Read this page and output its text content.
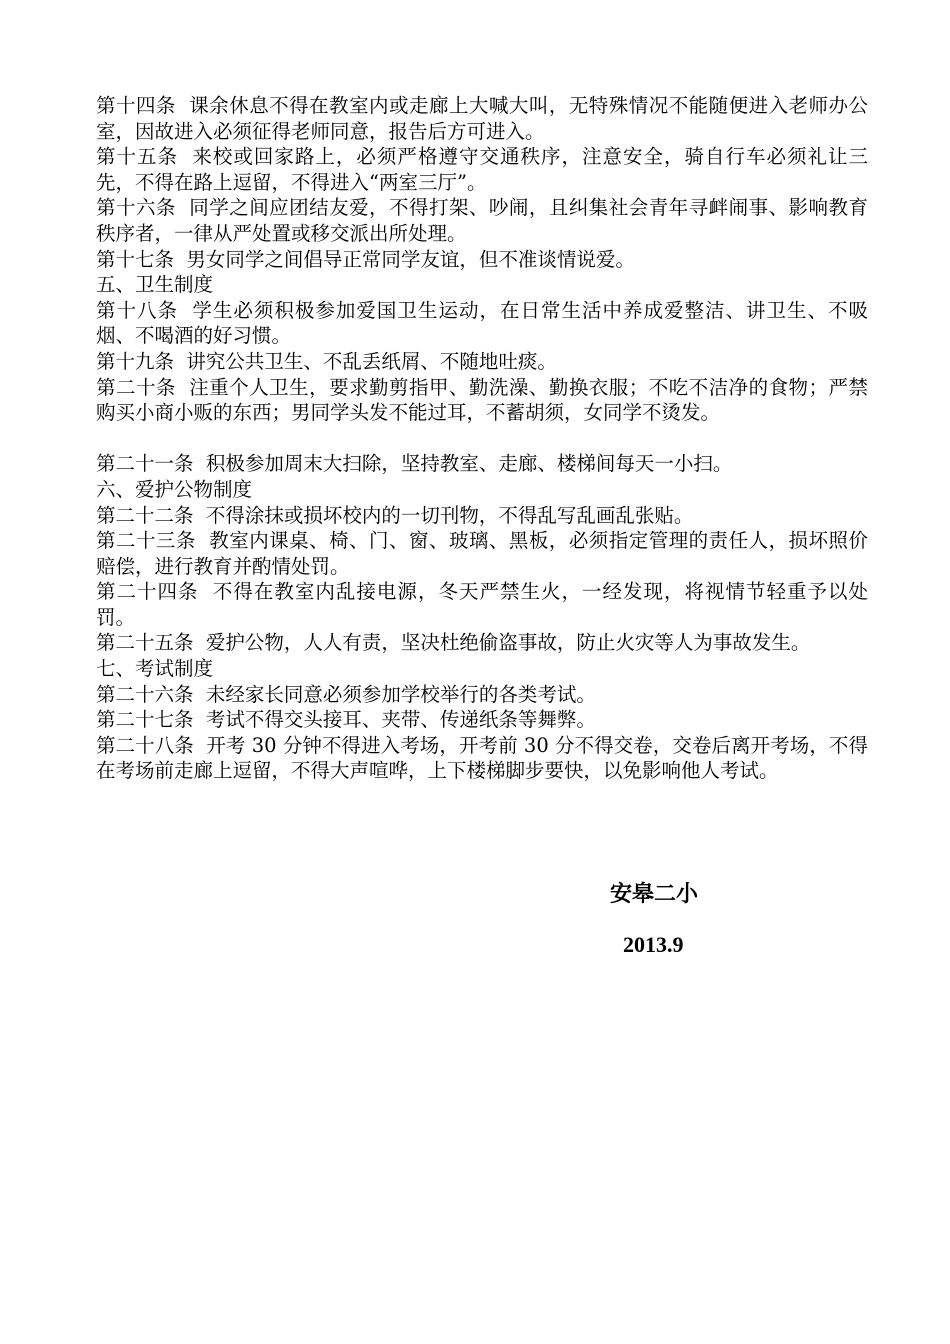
第十四条  课余休息不得在教室内或走廊上大喊大叫，无特殊情况不能随便进入老师办公室，因故进入必须征得老师同意，报告后方可进入。

第十五条  来校或回家路上，必须严格遵守交通秩序，注意安全，骑自行车必须礼让三先，不得在路上逗留，不得进入“两室三厅”。

第十六条  同学之间应团结友爱，不得打架、吵闹，且纠集社会青年寻衅闹事、影响教育秩序者，一律从严处置或移交派出所处理。

第十七条  男女同学之间倡导正常同学友谊，但不准谈情说爱。

五、卫生制度

第十八条  学生必须积极参加爱国卫生运动，在日常生活中养成爱整洁、讲卫生、不吸烟、不喝酒的好习惯。

第十九条  讲究公共卫生、不乱丢纸屑、不随地吐痰。

第二十条  注重个人卫生，要求勤剪指甲、勤洗澡、勤换衣服；不吃不洁净的食物；严禁购买小商小贩的东西；男同学头发不能过耳，不蓄胡须，女同学不烫发。

第二十一条  积极参加周末大扫除，坚持教室、走廊、楼梯间每天一小扫。

六、爱护公物制度

第二十二条  不得涂抹或损坏校内的一切刊物，不得乱写乱画乱张贴。

第二十三条  教室内课桌、椅、门、窗、玻璃、黑板，必须指定管理的责任人，损坏照价赔偿，进行教育并酌情处罚。

第二十四条  不得在教室内乱接电源，冬天严禁生火，一经发现，将视情节轻重予以处罚。

第二十五条  爱护公物，人人有责，坚决杜绝偷盗事故，防止火灾等人为事故发生。

七、考试制度

第二十六条  未经家长同意必须参加学校举行的各类考试。

第二十七条  考试不得交头接耳、夹带、传递纸条等舞弊。

第二十八条  开考 30 分钟不得进入考场，开考前 30 分不得交卷，交卷后离开考场，不得在考场前走廊上逗留，不得大声喧哗，上下楼梯脚步要快，以免影响他人考试。

安皋二小
2013.9
